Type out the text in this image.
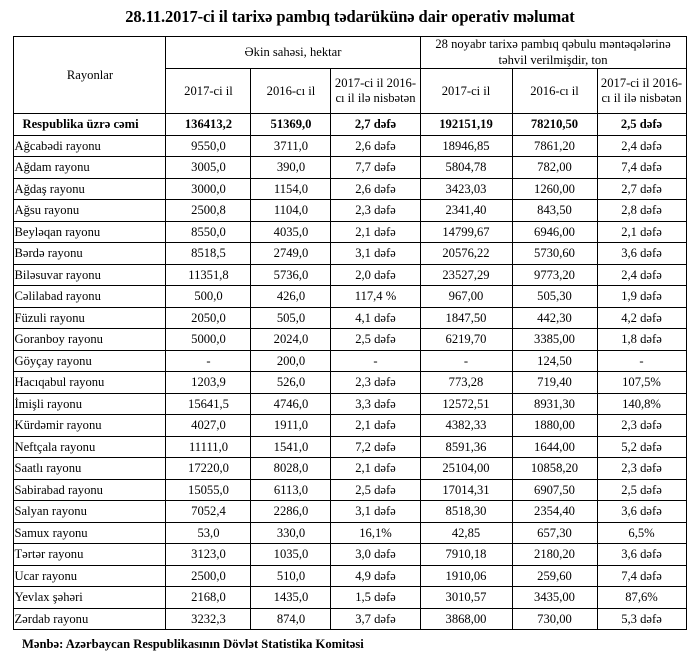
28.11.2017-ci il tarixə pambıq tədarükünə dair operativ məlumat
Rayonlar	Əkin sahəsi, hektar			28 noyabr tarixə pambıq qəbulu məntəqələrinə təhvil verilmişdir, ton		
	2017-ci il	2016-cı il	2017-ci il 2016-cı il ilə nisbətən	2017-ci il	2016-cı il	2017-ci il 2016-cı il ilə nisbətən
Respublika üzrə cəmi	136413,2	51369,0	2,7 dəfə	192151,19	78210,50	2,5 dəfə
Ağcabədi rayonu	9550,0	3711,0	2,6 dəfə	18946,85	7861,20	2,4 dəfə
Ağdam rayonu	3005,0	390,0	7,7 dəfə	5804,78	782,00	7,4 dəfə
Ağdaş rayonu	3000,0	1154,0	2,6 dəfə	3423,03	1260,00	2,7 dəfə
Ağsu rayonu	2500,8	1104,0	2,3 dəfə	2341,40	843,50	2,8 dəfə
Beyləqan rayonu	8550,0	4035,0	2,1 dəfə	14799,67	6946,00	2,1 dəfə
Bərdə rayonu	8518,5	2749,0	3,1 dəfə	20576,22	5730,60	3,6 dəfə
Biləsuvar rayonu	11351,8	5736,0	2,0 dəfə	23527,29	9773,20	2,4 dəfə
Cəlilabad rayonu	500,0	426,0	117,4 %	967,00	505,30	1,9 dəfə
Füzuli rayonu	2050,0	505,0	4,1 dəfə	1847,50	442,30	4,2 dəfə
Goranboy rayonu	5000,0	2024,0	2,5 dəfə	6219,70	3385,00	1,8 dəfə
Göyçay rayonu	-	200,0	-	-	124,50	-
Hacıqabul rayonu	1203,9	526,0	2,3 dəfə	773,28	719,40	107,5%
İmişli rayonu	15641,5	4746,0	3,3 dəfə	12572,51	8931,30	140,8%
Kürdəmir rayonu	4027,0	1911,0	2,1 dəfə	4382,33	1880,00	2,3 dəfə
Neftçala rayonu	11111,0	1541,0	7,2 dəfə	8591,36	1644,00	5,2 dəfə
Saatlı rayonu	17220,0	8028,0	2,1 dəfə	25104,00	10858,20	2,3 dəfə
Sabirabad rayonu	15055,0	6113,0	2,5 dəfə	17014,31	6907,50	2,5 dəfə
Salyan rayonu	7052,4	2286,0	3,1 dəfə	8518,30	2354,40	3,6 dəfə
Samux rayonu	53,0	330,0	16,1%	42,85	657,30	6,5%
Tərtər rayonu	3123,0	1035,0	3,0 dəfə	7910,18	2180,20	3,6 dəfə
Ucar rayonu	2500,0	510,0	4,9 dəfə	1910,06	259,60	7,4 dəfə
Yevlax şəhəri	2168,0	1435,0	1,5 dəfə	3010,57	3435,00	87,6%
Zərdab rayonu	3232,3	874,0	3,7 dəfə	3868,00	730,00	5,3 dəfə
Mənbə: Azərbaycan Respublikasının Dövlət Statistika Komitəsi
